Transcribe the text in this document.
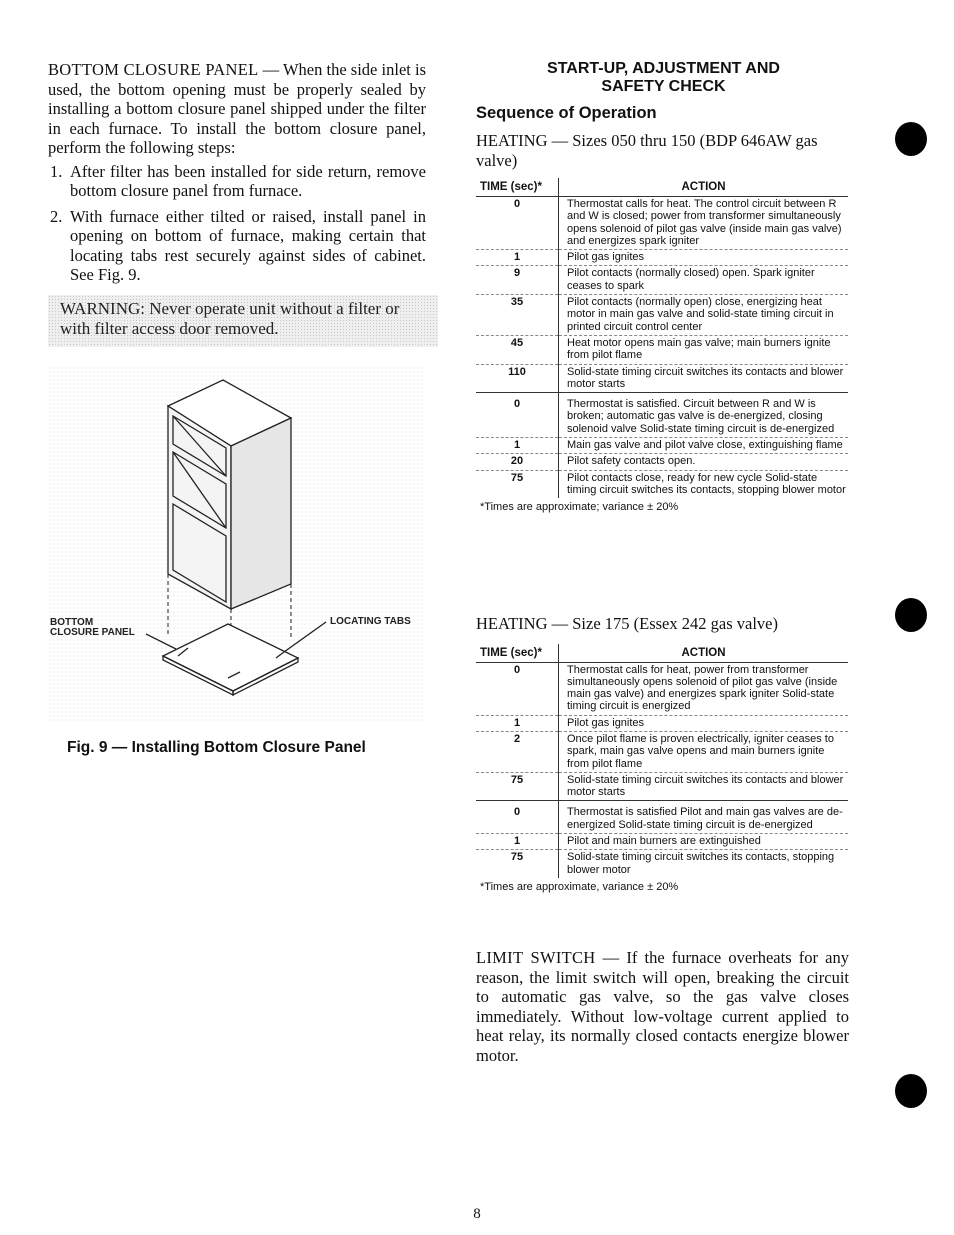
BOTTOM CLOSURE PANEL — When the side inlet is used, the bottom opening must be properly sealed by installing a bottom closure panel shipped under the filter in each furnace. To install the bottom closure panel, perform the following steps:

1. After filter has been installed for side return, remove bottom closure panel from furnace.
2. With furnace either tilted or raised, install panel in opening on bottom of furnace, making certain that locating tabs rest securely against sides of cabinet. See Fig. 9.
WARNING: Never operate unit without a filter or with filter access door removed.
BOTTOM
CLOSURE PANEL
LOCATING TABS
Fig. 9 — Installing Bottom Closure Panel
START-UP, ADJUSTMENT AND
SAFETY CHECK
Sequence of Operation

HEATING — Sizes 050 thru 150 (BDP 646AW gas valve)

TIME (sec)*	ACTION
0	Thermostat calls for heat. The control circuit between R and W is closed; power from transformer simultaneously opens solenoid of pilot gas valve (inside main gas valve) and energizes spark igniter
1	Pilot gas ignites
9	Pilot contacts (normally closed) open. Spark igniter ceases to spark
35	Pilot contacts (normally open) close, energizing heat motor in main gas valve and solid-state timing circuit in printed circuit control center
45	Heat motor opens main gas valve; main burners ignite from pilot flame
110	Solid-state timing circuit switches its contacts and blower motor starts
0	Thermostat is satisfied. Circuit between R and W is broken; automatic gas valve is de-energized, closing solenoid valve Solid-state timing circuit is de-energized
1	Main gas valve and pilot valve close, extinguishing flame
20	Pilot safety contacts open.
75	Pilot contacts close, ready for new cycle Solid-state timing circuit switches its contacts, stopping blower motor
*Times are approximate; variance ± 20%

HEATING — Size 175 (Essex 242 gas valve)

TIME (sec)*	ACTION
0	Thermostat calls for heat, power from transformer simultaneously opens solenoid of pilot gas valve (inside main gas valve) and energizes spark igniter Solid-state timing circuit is energized
1	Pilot gas ignites
2	Once pilot flame is proven electrically, igniter ceases to spark, main gas valve opens and main burners ignite from pilot flame
75	Solid-state timing circuit switches its contacts and blower motor starts
0	Thermostat is satisfied Pilot and main gas valves are de-energized Solid-state timing circuit is de-energized
1	Pilot and main burners are extinguished
75	Solid-state timing circuit switches its contacts, stopping blower motor
*Times are approximate, variance ± 20%

LIMIT SWITCH — If the furnace overheats for any reason, the limit switch will open, breaking the circuit to automatic gas valve, so the gas valve closes immediately. Without low-voltage current applied to heat relay, its normally closed contacts energize blower motor.

8
